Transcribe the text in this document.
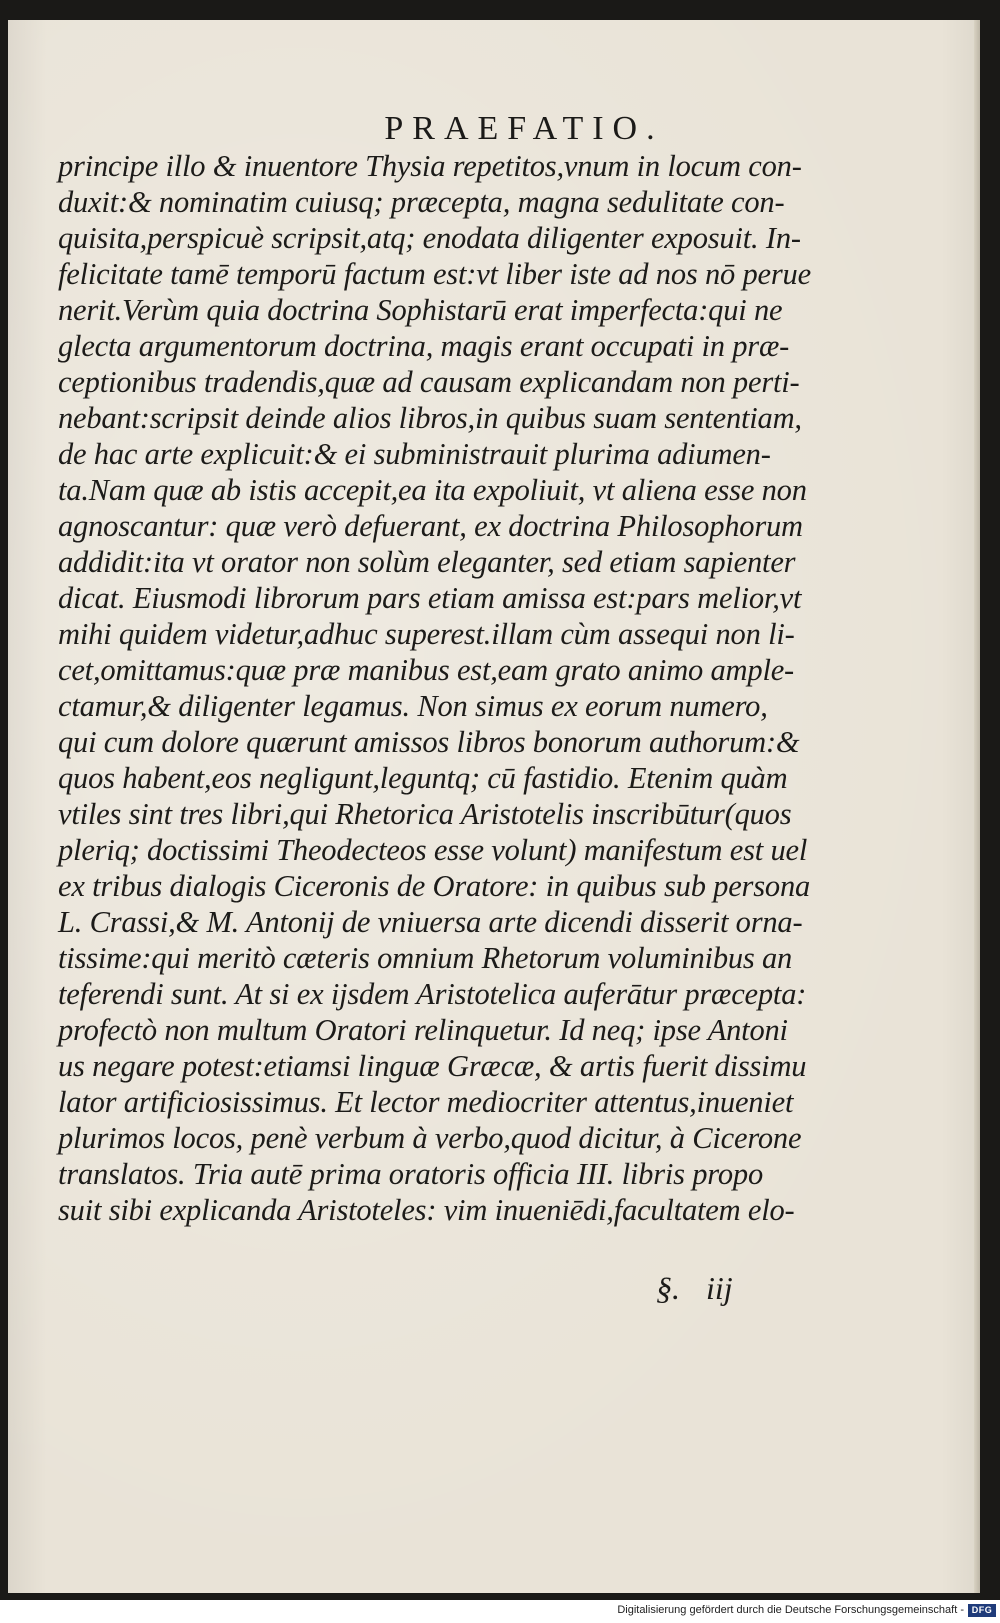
PRAEFATIO.
principe illo & inuentore Thysia repetitos,vnum in locum con-
duxit:& nominatim cuiusq; præcepta, magna sedulitate con-
quisita,perspicuè scripsit,atq; enodata diligenter exposuit. In-
felicitate tamē temporū factum est:vt liber iste ad nos nō perue
nerit.Verùm quia doctrina Sophistarū erat imperfecta:qui ne
glecta argumentorum doctrina, magis erant occupati in præ-
ceptionibus tradendis,quæ ad causam explicandam non perti-
nebant:scripsit deinde alios libros,in quibus suam sententiam,
de hac arte explicuit:& ei subministrauit plurima adiumen-
ta.Nam quæ ab istis accepit,ea ita expoliuit, vt aliena esse non
agnoscantur: quæ verò defuerant, ex doctrina Philosophorum
addidit:ita vt orator non solùm eleganter, sed etiam sapienter
dicat. Eiusmodi librorum pars etiam amissa est:pars melior,vt
mihi quidem videtur,adhuc superest.illam cùm assequi non li-
cet,omittamus:quæ præ manibus est,eam grato animo ample-
ctamur,& diligenter legamus. Non simus ex eorum numero,
qui cum dolore quærunt amissos libros bonorum authorum:&
quos habent,eos negligunt,leguntq; cū fastidio. Etenim quàm
vtiles sint tres libri,qui Rhetorica Aristotelis inscribūtur(quos
pleriq; doctissimi Theodecteos esse volunt) manifestum est uel
ex tribus dialogis Ciceronis de Oratore: in quibus sub persona
L. Crassi,& M. Antonij de vniuersa arte dicendi disserit orna-
tissime:qui meritò cæteris omnium Rhetorum voluminibus an
teferendi sunt. At si ex ijsdem Aristotelica auferātur præcepta:
profectò non multum Oratori relinquetur. Id neq; ipse Antoni
us negare potest:etiamsi linguæ Græcæ, & artis fuerit dissimu
lator artificiosissimus. Et lector mediocriter attentus,inueniet
plurimos locos, penè verbum à verbo,quod dicitur, à Cicerone
translatos. Tria autē prima oratoris officia III. libris propo
suit sibi explicanda Aristoteles: vim inueniēdi,facultatem elo-
§. iij
Digitalisierung gefördert durch die Deutsche Forschungsgemeinschaft - DFG
